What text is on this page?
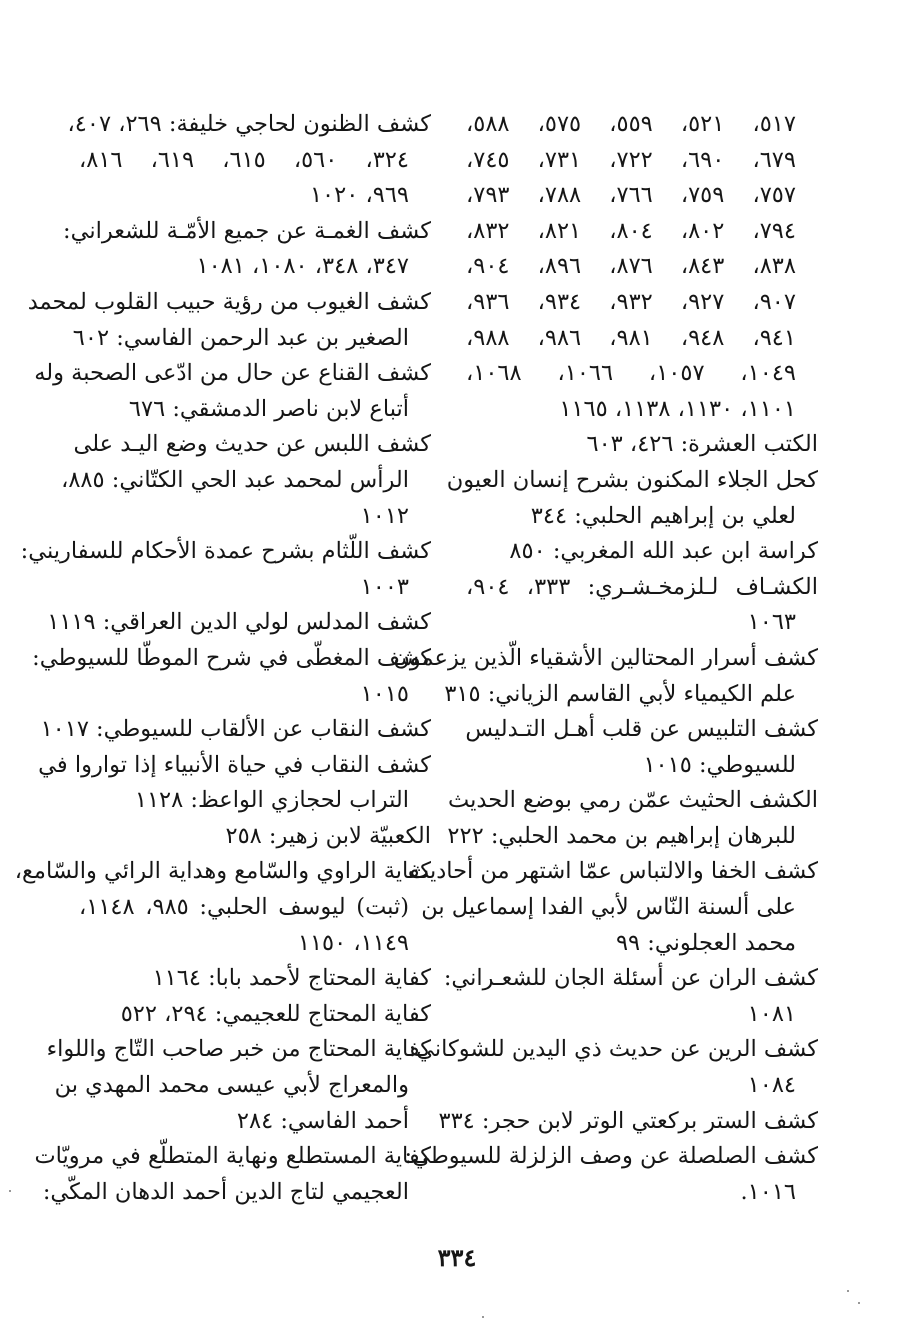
٥١٧، ٥٢١، ٥٥٩، ٥٧٥، ٥٨٨،
٦٧٩، ٦٩٠، ٧٢٢، ٧٣١، ٧٤٥،
٧٥٧، ٧٥٩، ٧٦٦، ٧٨٨، ٧٩٣،
٧٩٤، ٨٠٢، ٨٠٤، ٨٢١، ٨٣٢،
٨٣٨، ٨٤٣، ٨٧٦، ٨٩٦، ٩٠٤،
٩٠٧، ٩٢٧، ٩٣٢، ٩٣٤، ٩٣٦،
٩٤١، ٩٤٨، ٩٨١، ٩٨٦، ٩٨٨،
١٠٤٩، ١٠٥٧، ١٠٦٦، ١٠٦٨،
١١٠١، ١١٣٠، ١١٣٨، ١١٦٥
الكتب العشرة: ٤٢٦، ٦٠٣
كحل الجلاء المكنون بشرح إنسان العيون
لعلي بن إبراهيم الحلبي: ٣٤٤
كراسة ابن عبد الله المغربي: ٨٥٠
الكشـاف لـلزمخـشـري: ٣٣٣، ٩٠٤،
١٠٦٣
كشف أسرار المحتالين الأشقياء الّذين يزعمون
علم الكيمياء لأبي القاسم الزياني: ٣١٥
كشف التلبيس عن قلب أهـل التـدليس
للسيوطي: ١٠١٥
الكشف الحثيث عمّن رمي بوضع الحديث
للبرهان إبراهيم بن محمد الحلبي: ٢٢٢
كشف الخفا والالتباس عمّا اشتهر من أحاديث
على ألسنة النّاس لأبي الفدا إسماعيل بن
محمد العجلوني: ٩٩
كشف الران عن أسئلة الجان للشعـراني:
١٠٨١
كشف الرين عن حديث ذي اليدين للشوكاني:
١٠٨٤
كشف الستر بركعتي الوتر لابن حجر: ٣٣٤
كشف الصلصلة عن وصف الزلزلة للسيوطي:
١٠١٦.
كشف الظنون لحاجي خليفة: ٢٦٩، ٤٠٧،
٣٢٤، ٥٦٠، ٦١٥، ٦١٩، ٨١٦،
٩٦٩، ١٠٢٠
كشف الغمـة عن جميع الأمّـة للشعراني:
٣٤٧، ٣٤٨، ١٠٨٠، ١٠٨١
كشف الغيوب من رؤية حبيب القلوب لمحمد
الصغير بن عبد الرحمن الفاسي: ٦٠٢
كشف القناع عن حال من ادّعى الصحبة وله
أتباع لابن ناصر الدمشقي: ٦٧٦
كشف اللبس عن حديث وضع اليـد على
الرأس لمحمد عبد الحي الكتّاني: ٨٨٥،
١٠١٢
كشف اللّثام بشرح عمدة الأحكام للسفاريني:
١٠٠٣
كشف المدلس لولي الدين العراقي: ١١١٩
كشف المغطّى في شرح الموطّا للسيوطي:
١٠١٥
كشف النقاب عن الألقاب للسيوطي: ١٠١٧
كشف النقاب في حياة الأنبياء إذا تواروا في
التراب لحجازي الواعظ: ١١٢٨
الكعبيّة لابن زهير: ٢٥٨
كفاية الراوي والسّامع وهداية الرائي والسّامع،
(ثبت) ليوسف الحلبي: ٩٨٥، ١١٤٨،
١١٤٩، ١١٥٠
كفاية المحتاج لأحمد بابا: ١١٦٤
كفاية المحتاج للعجيمي: ٢٩٤، ٥٢٢
كفاية المحتاج من خبر صاحب التّاج واللواء
والمعراج لأبي عيسى محمد المهدي بن
أحمد الفاسي: ٢٨٤
كفاية المستطلع ونهاية المتطلّع في مرويّات
العجيمي لتاج الدين أحمد الدهان المكّي:
٣٣٤
